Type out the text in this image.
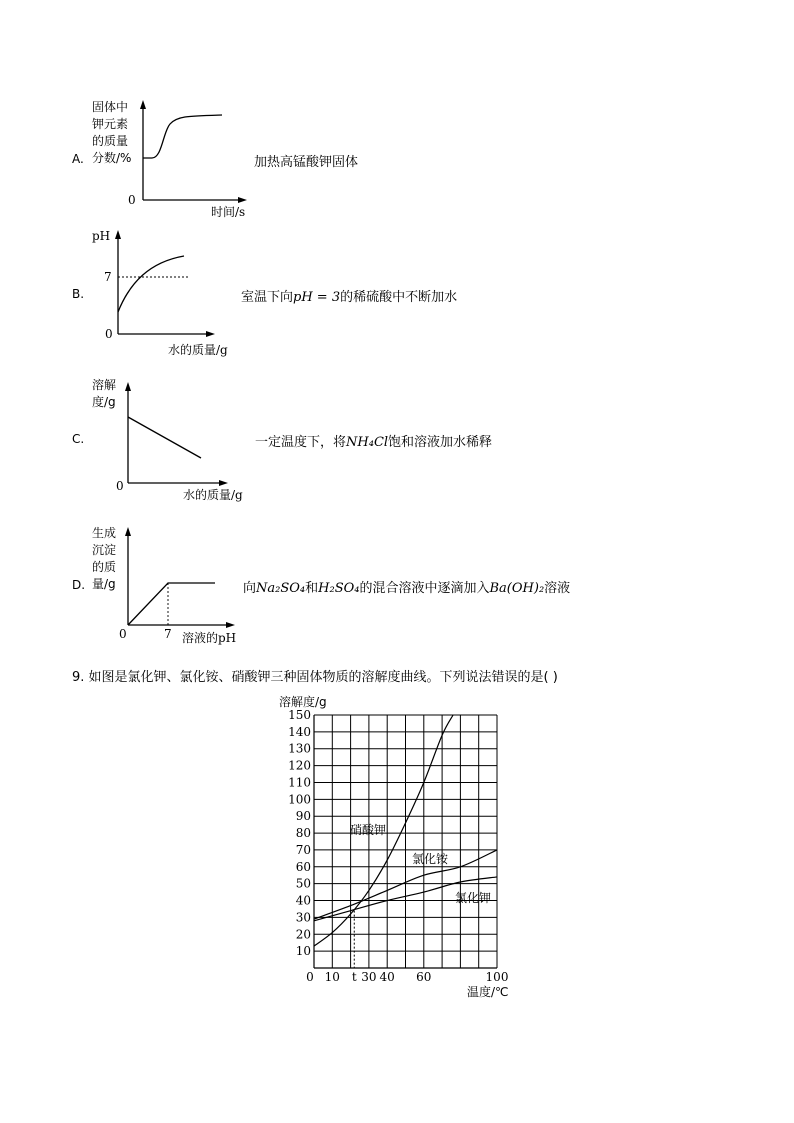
A.
固体中
钾元素
的质量
分数/%
0
时间/s
加热高锰酸钾固体
B.
pH
7
0
水的质量/g
室温下向pH = 3的稀硫酸中不断加水
C.
溶解
度/g
0
水的质量/g
一定温度下，将NH₄Cl饱和溶液加水稀释
D.
生成
沉淀
的质
量/g
0	7 溶液的pH
向Na₂SO₄和H₂SO₄的混合溶液中逐滴加入Ba(OH)₂溶液
9. 如图是氯化钾、氯化铵、硝酸钾三种固体物质的溶解度曲线。下列说法错误的是( )
10
20
30
40
50
60
70
80
90
100
110
120
130
140
150
0 10 t 30 40 60	100
溶解度/g
温度/℃
硝酸钾
氯化铵
氯化钾
